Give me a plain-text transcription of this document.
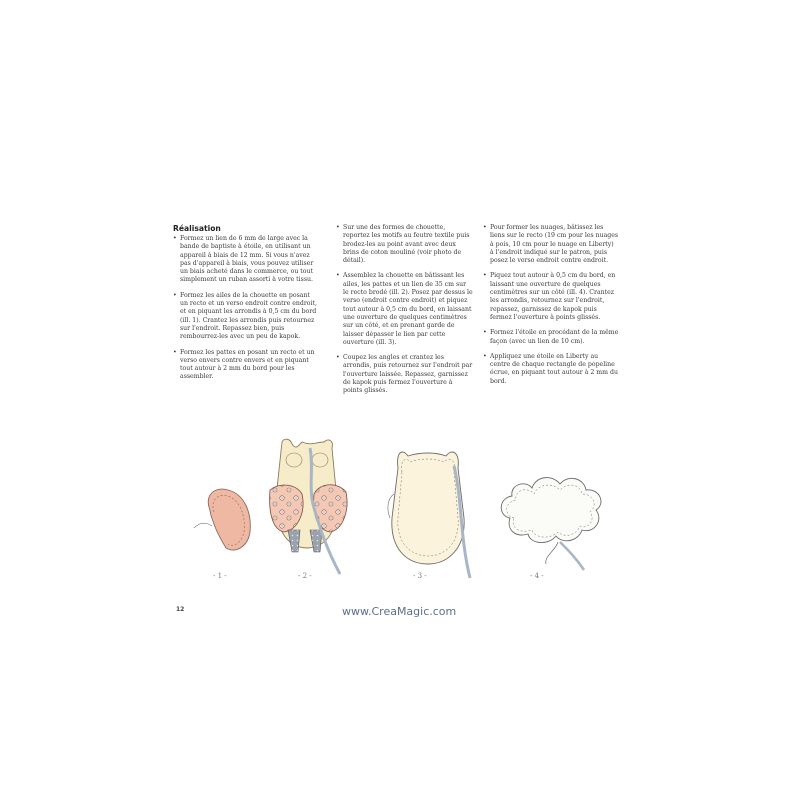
Réalisation

• Formez un lien de 6 mm de large avec la bande de baptiste à étoile, en utilisant un appareil à biais de 12 mm. Si vous n'avez pas d'appareil à biais, vous pouvez utiliser un biais acheté dans le commerce, ou tout simplement un ruban assorti à votre tissu.

• Formez les ailes de la chouette en posant un recto et un verso endroit contre endroit, et en piquant les arrondis à 0,5 cm du bord (ill. 1). Crantez les arrondis puis retournez sur l'endroit. Repassez bien, puis rembourrez-les avec un peu de kapok.

• Formez les pattes en posant un recto et un verso envers contre envers et en piquant tout autour à 2 mm du bord pour les assembler.

• Sur une des formes de chouette, reportez les motifs au feutre textile puis brodez-les au point avant avec deux brins de coton mouliné (voir photo de détail).

• Assemblez la chouette en bâtissant les ailes, les pattes et un lien de 35 cm sur le recto brodé (ill. 2). Posez par dessus le verso (endroit contre endroit) et piquez tout autour à 0,5 cm du bord, en laissant une ouverture de quelques centimètres sur un côté, et en prenant garde de laisser dépasser le lien par cette ouverture (ill. 3).

• Coupez les angles et crantez les arrondis, puis retournez sur l'endroit par l'ouverture laissée. Repassez, garnissez de kapok puis fermez l'ouverture à points glissés.

• Pour former les nuages, bâtissez les liens sur le recto (19 cm pour les nuages à pois, 10 cm pour le nuage en Liberty) à l'endroit indiqué sur le patron, puis posez le verso endroit contre endroit.

• Piquez tout autour à 0,5 cm du bord, en laissant une ouverture de quelques centimètres sur un côté (ill. 4). Crantez les arrondis, retournez sur l'endroit, repassez, garnissez de kapok puis fermez l'ouverture à points glissés.

• Formez l'étoile en procédant de la même façon (avec un lien de 10 cm).

• Appliquez une étoile en Liberty au centre de chaque rectangle de popeline écrue, en piquant tout autour à 2 mm du bord.

- 1 -	- 2 -	- 3 -	- 4 -
12	www.CreaMagic.com
